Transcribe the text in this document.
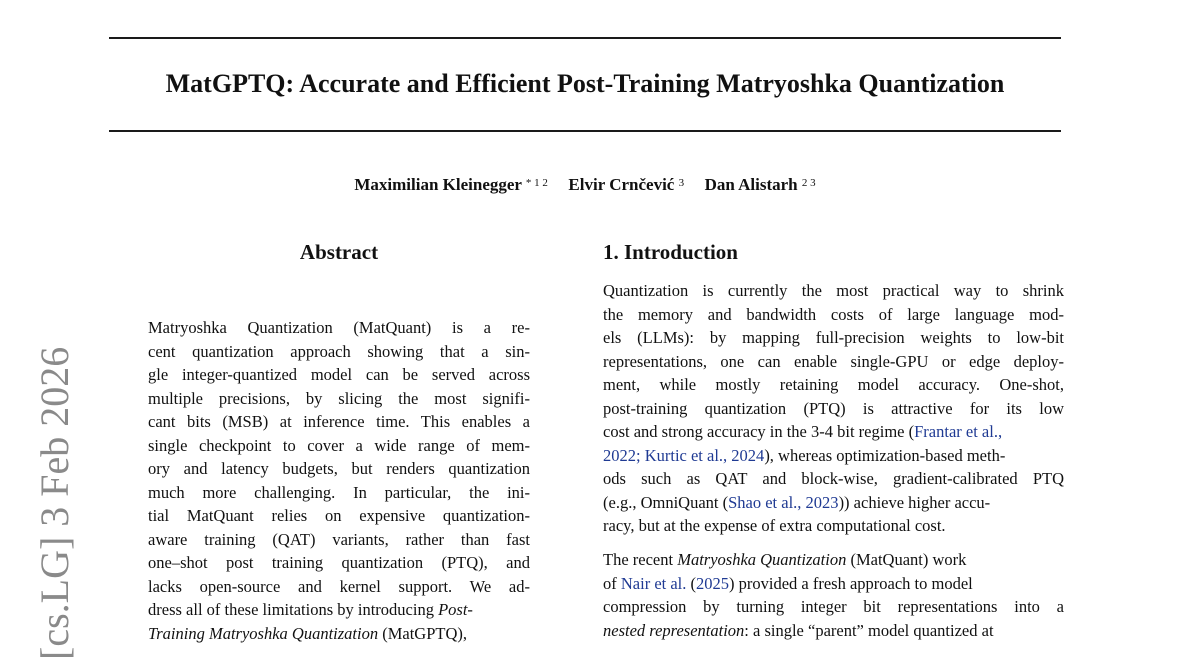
MatGPTQ: Accurate and Efficient Post-Training Matryoshka Quantization
Maximilian Kleinegger $^{* 1 2}$ Elvir Crnčević $^3$ Dan Alistarh $^{2 3}$
[cs.LG] 3 Feb 2026
Abstract
Matryoshka Quantization (MatQuant) is a re-
cent quantization approach showing that a sin-
gle integer-quantized model can be served across
multiple precisions, by slicing the most signifi-
cant bits (MSB) at inference time. This enables a
single checkpoint to cover a wide range of mem-
ory and latency budgets, but renders quantization
much more challenging. In particular, the ini-
tial MatQuant relies on expensive quantization-
aware training (QAT) variants, rather than fast
one–shot post training quantization (PTQ), and
lacks open-source and kernel support. We ad-
dress all of these limitations by introducing Post-
Training Matryoshka Quantization (MatGPTQ),
1. Introduction
Quantization is currently the most practical way to shrink
the memory and bandwidth costs of large language mod-
els (LLMs): by mapping full-precision weights to low-bit
representations, one can enable single-GPU or edge deploy-
ment, while mostly retaining model accuracy. One-shot,
post-training quantization (PTQ) is attractive for its low
cost and strong accuracy in the 3-4 bit regime (Frantar et al.,
2022; Kurtic et al., 2024), whereas optimization-based meth-
ods such as QAT and block-wise, gradient-calibrated PTQ
(e.g., OmniQuant (Shao et al., 2023)) achieve higher accu-
racy, but at the expense of extra computational cost.
The recent Matryoshka Quantization (MatQuant) work
of Nair et al. (2025) provided a fresh approach to model
compression by turning integer bit representations into a
nested representation: a single “parent” model quantized at
